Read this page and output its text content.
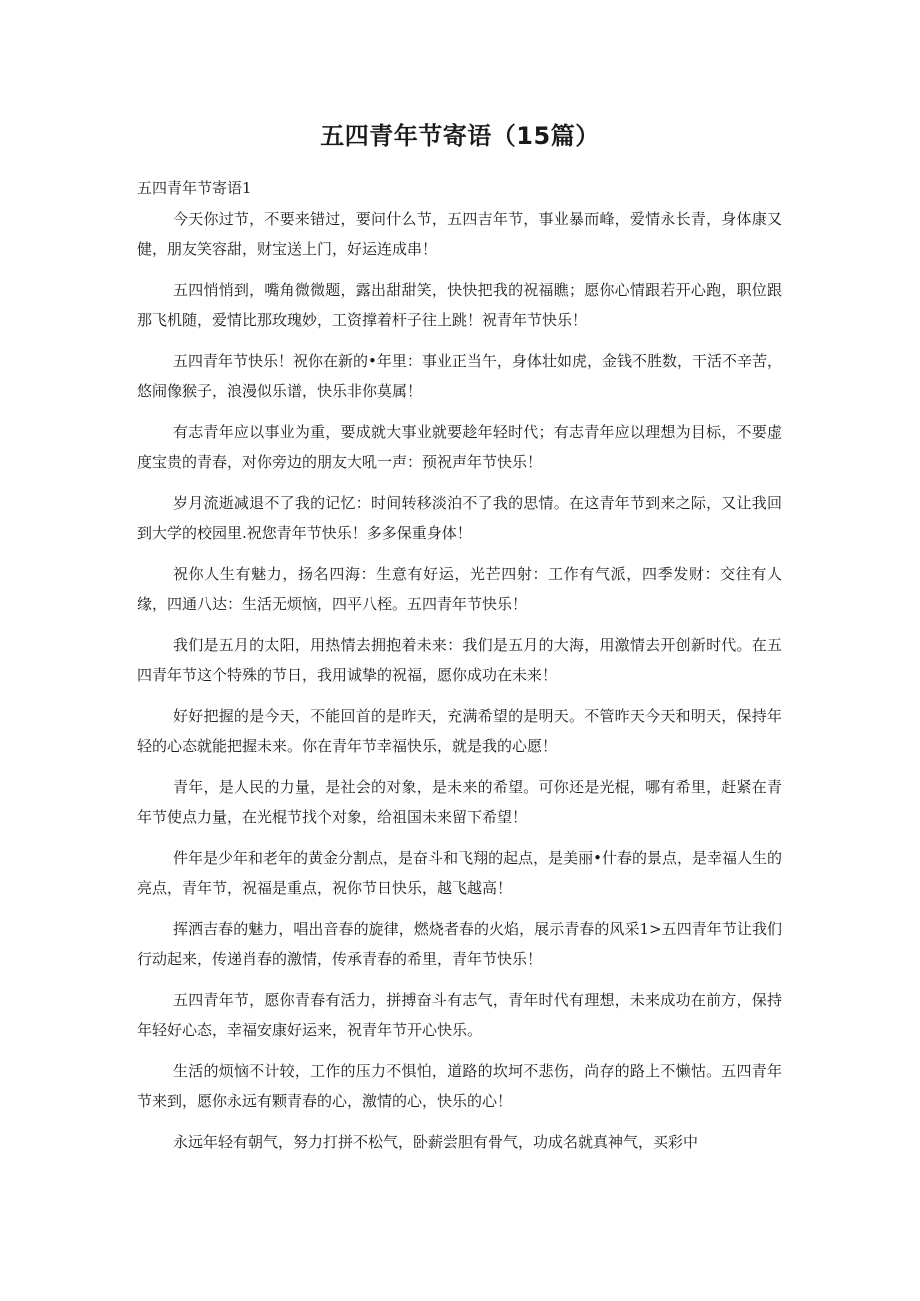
五四青年节寄语（15篇）

五四青年节寄语1

今天你过节，不要来错过，要问什么节，五四吉年节，事业暴而峰，爱情永长青，身体康又健，朋友笑容甜，财宝送上门，好运连成串！

五四悄悄到，嘴角微微题，露出甜甜笑，快快把我的祝福瞧；愿你心情跟若开心跑，职位跟那飞机随，爱情比那玫瑰妙，工资撑着杆子往上跳！祝青年节快乐！

五四青年节快乐！祝你在新的•年里：事业正当午，身体壮如虎，金钱不胜数，干活不辛苦，悠闹像猴子，浪漫似乐谱，快乐非你莫属！

有志青年应以事业为重，要成就大事业就要趁年轻时代；有志青年应以理想为目标，不要虚度宝贵的青春，对你旁边的朋友大吼一声：预祝声年节快乐！

岁月流逝减退不了我的记忆：时间转移淡泊不了我的思情。在这青年节到来之际，又让我回到大学的校园里.祝您青年节快乐！多多保重身体！

祝你人生有魅力，扬名四海：生意有好运，光芒四射：工作有气派，四季发财：交往有人缘，四通八达：生活无烦恼，四平八桎。五四青年节快乐！

我们是五月的太阳，用热情去拥抱着未来：我们是五月的大海，用激情去开创新时代。在五四青年节这个特殊的节日，我用诚挚的祝福，愿你成功在未来！

好好把握的是今天，不能回首的是昨天，充满希望的是明天。不管昨天今天和明天，保持年轻的心态就能把握未来。你在青年节幸福快乐，就是我的心愿！

青年，是人民的力量，是社会的对象，是未来的希望。可你还是光棍，哪有希里，赶紧在青年节使点力量，在光棍节找个对象，给祖国未来留下希望！

件年是少年和老年的黄金分割点，是奋斗和飞翔的起点，是美丽•什春的景点，是幸福人生的亮点，青年节，祝福是重点，祝你节日快乐，越飞越高！

挥洒吉春的魅力，唱出音春的旋律，燃烧者春的火焰，展示青春的风采1>五四青年节让我们行动起来，传递肖春的激情，传承青春的希里，青年节快乐！

五四青年节，愿你青春有活力，拼搏奋斗有志气，青年时代有理想，未来成功在前方，保持年轻好心态，幸福安康好运来，祝青年节开心快乐。

生活的烦恼不计较，工作的压力不惧怕，道路的坎坷不悲伤，尚存的路上不懒怙。五四青年节来到，愿你永远有颗青春的心，激情的心，快乐的心！

永远年轻有朝气，努力打拼不松气，卧薪尝胆有骨气，功成名就真神气，买彩中
